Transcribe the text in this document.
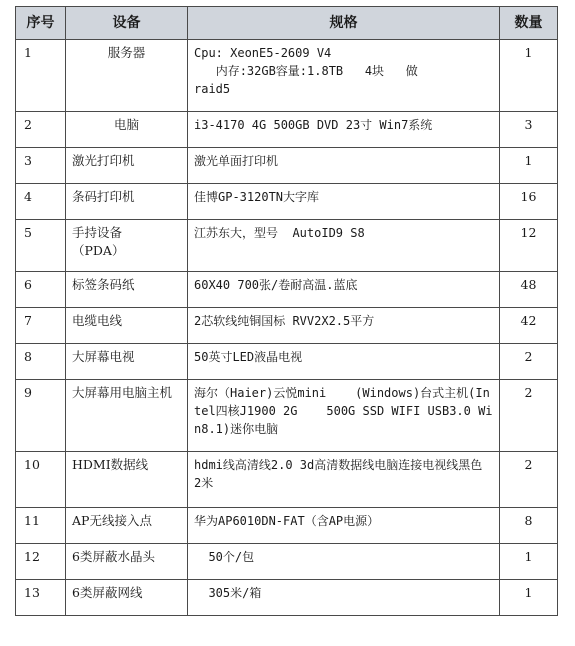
序号	设备	规格	数量
1	服务器	Cpu: XeonE5-2609 V4
内存:32GB容量:1.8TB   4块   做
raid5	1
2	电脑	i3-4170 4G 500GB DVD 23寸 Win7系统	3
3	激光打印机	激光单面打印机	1
4	条码打印机	佳博GP-3120TN大字库	16
5	手持设备
（PDA）	江苏东大，型号  AutoID9 S8	12
6	标签条码纸	60X40 700张/卷耐高温.蓝底	48
7	电缆电线	2芯软线纯铜国标 RVV2X2.5平方	42
8	大屏幕电视	50英寸LED液晶电视	2
9	大屏幕用电脑主机	海尔（Haier)云悦mini    (Windows)台式主机(Intel四核J1900 2G    500G SSD WIFI USB3.0 Win8.1)迷你电脑	2
10	HDMI数据线	hdmi线高清线2.0 3d高清数据线电脑连接电视线黑色 2米	2
11	AP无线接入点	华为AP6010DN-FAT（含AP电源）	8
12	6类屏蔽水晶头	50个/包	1
13	6类屏蔽网线	305米/箱	1
